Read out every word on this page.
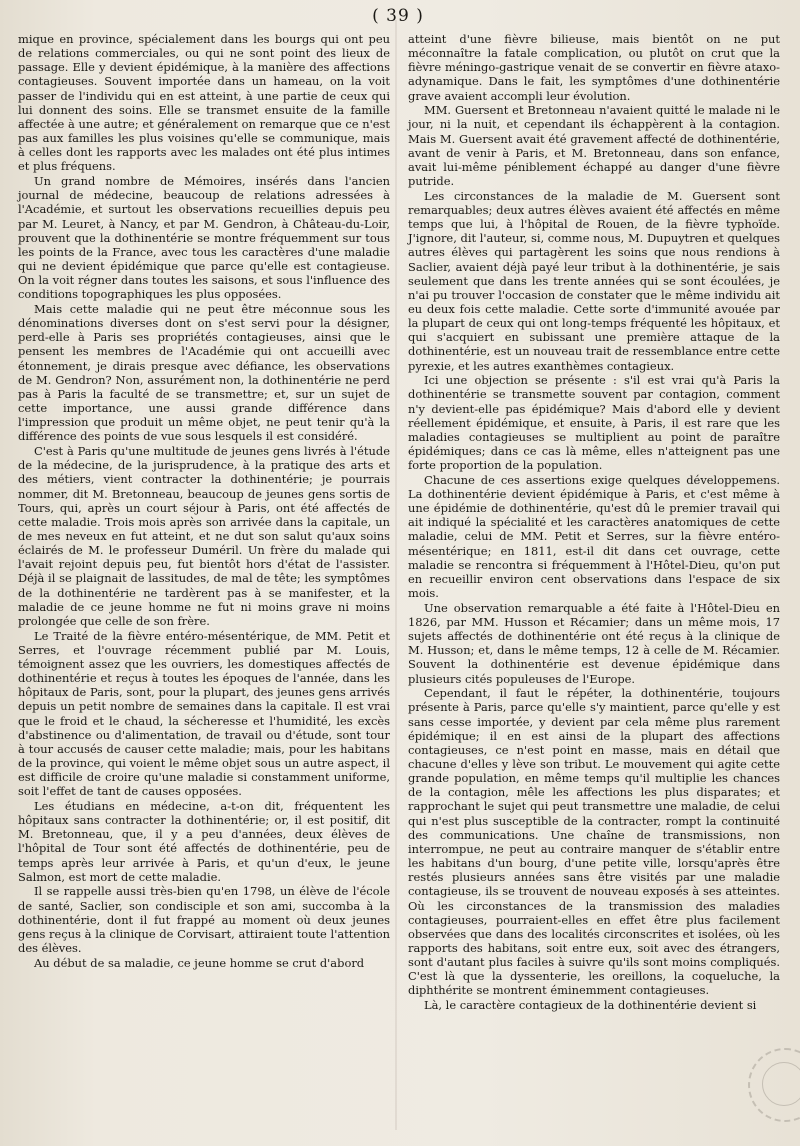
( 39 )

mique en province, spécialement dans les bourgs qui ont peu de relations commerciales, ou qui ne sont point des lieux de passage. Elle y devient épidémique, à la manière des affections contagieuses. Souvent importée dans un hameau, on la voit passer de l'individu qui en est atteint, à une partie de ceux qui lui donnent des soins. Elle se transmet ensuite de la famille affectée à une autre; et généralement on remarque que ce n'est pas aux familles les plus voisines qu'elle se communique, mais à celles dont les rapports avec les malades ont été plus intimes et plus fréquens.

Un grand nombre de Mémoires, insérés dans l'ancien journal de médecine, beaucoup de relations adressées à l'Académie, et surtout les observations recueillies depuis peu par M. Leuret, à Nancy, et par M. Gendron, à Château-du-Loir, prouvent que la dothinentérie se montre fréquemment sur tous les points de la France, avec tous les caractères d'une maladie qui ne devient épidémique que parce qu'elle est contagieuse. On la voit régner dans toutes les saisons, et sous l'influence des conditions topographiques les plus opposées.

Mais cette maladie qui ne peut être méconnue sous les dénominations diverses dont on s'est servi pour la désigner, perd-elle à Paris ses propriétés contagieuses, ainsi que le pensent les membres de l'Académie qui ont accueilli avec étonnement, je dirais presque avec défiance, les observations de M. Gendron? Non, assurément non, la dothinentérie ne perd pas à Paris la faculté de se transmettre; et, sur un sujet de cette importance, une aussi grande différence dans l'impression que produit un même objet, ne peut tenir qu'à la différence des points de vue sous lesquels il est considéré.

C'est à Paris qu'une multitude de jeunes gens livrés à l'étude de la médecine, de la jurisprudence, à la pratique des arts et des métiers, vient contracter la dothinentérie; je pourrais nommer, dit M. Bretonneau, beaucoup de jeunes gens sortis de Tours, qui, après un court séjour à Paris, ont été affectés de cette maladie. Trois mois après son arrivée dans la capitale, un de mes neveux en fut atteint, et ne dut son salut qu'aux soins éclairés de M. le professeur Duméril. Un frère du malade qui l'avait rejoint depuis peu, fut bientôt hors d'état de l'assister. Déjà il se plaignait de lassitudes, de mal de tête; les symptômes de la dothinentérie ne tardèrent pas à se manifester, et la maladie de ce jeune homme ne fut ni moins grave ni moins prolongée que celle de son frère.

Le Traité de la fièvre entéro-mésentérique, de MM. Petit et Serres, et l'ouvrage récemment publié par M. Louis, témoignent assez que les ouvriers, les domestiques affectés de dothinentérie et reçus à toutes les époques de l'année, dans les hôpitaux de Paris, sont, pour la plupart, des jeunes gens arrivés depuis un petit nombre de semaines dans la capitale. Il est vrai que le froid et le chaud, la sécheresse et l'humidité, les excès d'abstinence ou d'alimentation, de travail ou d'étude, sont tour à tour accusés de causer cette maladie; mais, pour les habitans de la province, qui voient le même objet sous un autre aspect, il est difficile de croire qu'une maladie si constamment uniforme, soit l'effet de tant de causes opposées.

Les étudians en médecine, a-t-on dit, fréquentent les hôpitaux sans contracter la dothinentérie; or, il est positif, dit M. Bretonneau, que, il y a peu d'années, deux élèves de l'hôpital de Tour sont été affectés de dothinentérie, peu de temps après leur arrivée à Paris, et qu'un d'eux, le jeune Salmon, est mort de cette maladie.

Il se rappelle aussi très-bien qu'en 1798, un élève de l'école de santé, Saclier, son condisciple et son ami, succomba à la dothinentérie, dont il fut frappé au moment où deux jeunes gens reçus à la clinique de Corvisart, attiraient toute l'attention des élèves.

Au début de sa maladie, ce jeune homme se crut d'abord

atteint d'une fièvre bilieuse, mais bientôt on ne put méconnaître la fatale complication, ou plutôt on crut que la fièvre méningo-gastrique venait de se convertir en fièvre ataxo-adynamique. Dans le fait, les symptômes d'une dothinentérie grave avaient accompli leur évolution.

MM. Guersent et Bretonneau n'avaient quitté le malade ni le jour, ni la nuit, et cependant ils échappèrent à la contagion. Mais M. Guersent avait été gravement affecté de dothinentérie, avant de venir à Paris, et M. Bretonneau, dans son enfance, avait lui-même péniblement échappé au danger d'une fièvre putride.

Les circonstances de la maladie de M. Guersent sont remarquables; deux autres élèves avaient été affectés en même temps que lui, à l'hôpital de Rouen, de la fièvre typhoïde. J'ignore, dit l'auteur, si, comme nous, M. Dupuytren et quelques autres élèves qui partagèrent les soins que nous rendions à Saclier, avaient déjà payé leur tribut à la dothinentérie, je sais seulement que dans les trente années qui se sont écoulées, je n'ai pu trouver l'occasion de constater que le même individu ait eu deux fois cette maladie. Cette sorte d'immunité avouée par la plupart de ceux qui ont long-temps fréquenté les hôpitaux, et qui s'acquiert en subissant une première attaque de la dothinentérie, est un nouveau trait de ressemblance entre cette pyrexie, et les autres exanthèmes contagieux.

Ici une objection se présente : s'il est vrai qu'à Paris la dothinentérie se transmette souvent par contagion, comment n'y devient-elle pas épidémique? Mais d'abord elle y devient réellement épidémique, et ensuite, à Paris, il est rare que les maladies contagieuses se multiplient au point de paraître épidémiques; dans ce cas là même, elles n'atteignent pas une forte proportion de la population.

Chacune de ces assertions exige quelques développemens. La dothinentérie devient épidémique à Paris, et c'est même à une épidémie de dothinentérie, qu'est dû le premier travail qui ait indiqué la spécialité et les caractères anatomiques de cette maladie, celui de MM. Petit et Serres, sur la fièvre entéro-mésentérique; en 1811, est-il dit dans cet ouvrage, cette maladie se rencontra si fréquemment à l'Hôtel-Dieu, qu'on put en recueillir environ cent observations dans l'espace de six mois.

Une observation remarquable a été faite à l'Hôtel-Dieu en 1826, par MM. Husson et Récamier; dans un même mois, 17 sujets affectés de dothinentérie ont été reçus à la clinique de M. Husson; et, dans le même temps, 12 à celle de M. Récamier. Souvent la dothinentérie est devenue épidémique dans plusieurs cités populeuses de l'Europe.

Cependant, il faut le répéter, la dothinentérie, toujours présente à Paris, parce qu'elle s'y maintient, parce qu'elle y est sans cesse importée, y devient par cela même plus rarement épidémique; il en est ainsi de la plupart des affections contagieuses, ce n'est point en masse, mais en détail que chacune d'elles y lève son tribut. Le mouvement qui agite cette grande population, en même temps qu'il multiplie les chances de la contagion, mêle les affections les plus disparates; et rapprochant le sujet qui peut transmettre une maladie, de celui qui n'est plus susceptible de la contracter, rompt la continuité des communications. Une chaîne de transmissions, non interrompue, ne peut au contraire manquer de s'établir entre les habitans d'un bourg, d'une petite ville, lorsqu'après être restés plusieurs années sans être visités par une maladie contagieuse, ils se trouvent de nouveau exposés à ses atteintes. Où les circonstances de la transmission des maladies contagieuses, pourraient-elles en effet être plus facilement observées que dans des localités circonscrites et isolées, où les rapports des habitans, soit entre eux, soit avec des étrangers, sont d'autant plus faciles à suivre qu'ils sont moins compliqués. C'est là que la dyssenterie, les oreillons, la coqueluche, la diphthérite se montrent éminemment contagieuses.

Là, le caractère contagieux de la dothinentérie devient si
